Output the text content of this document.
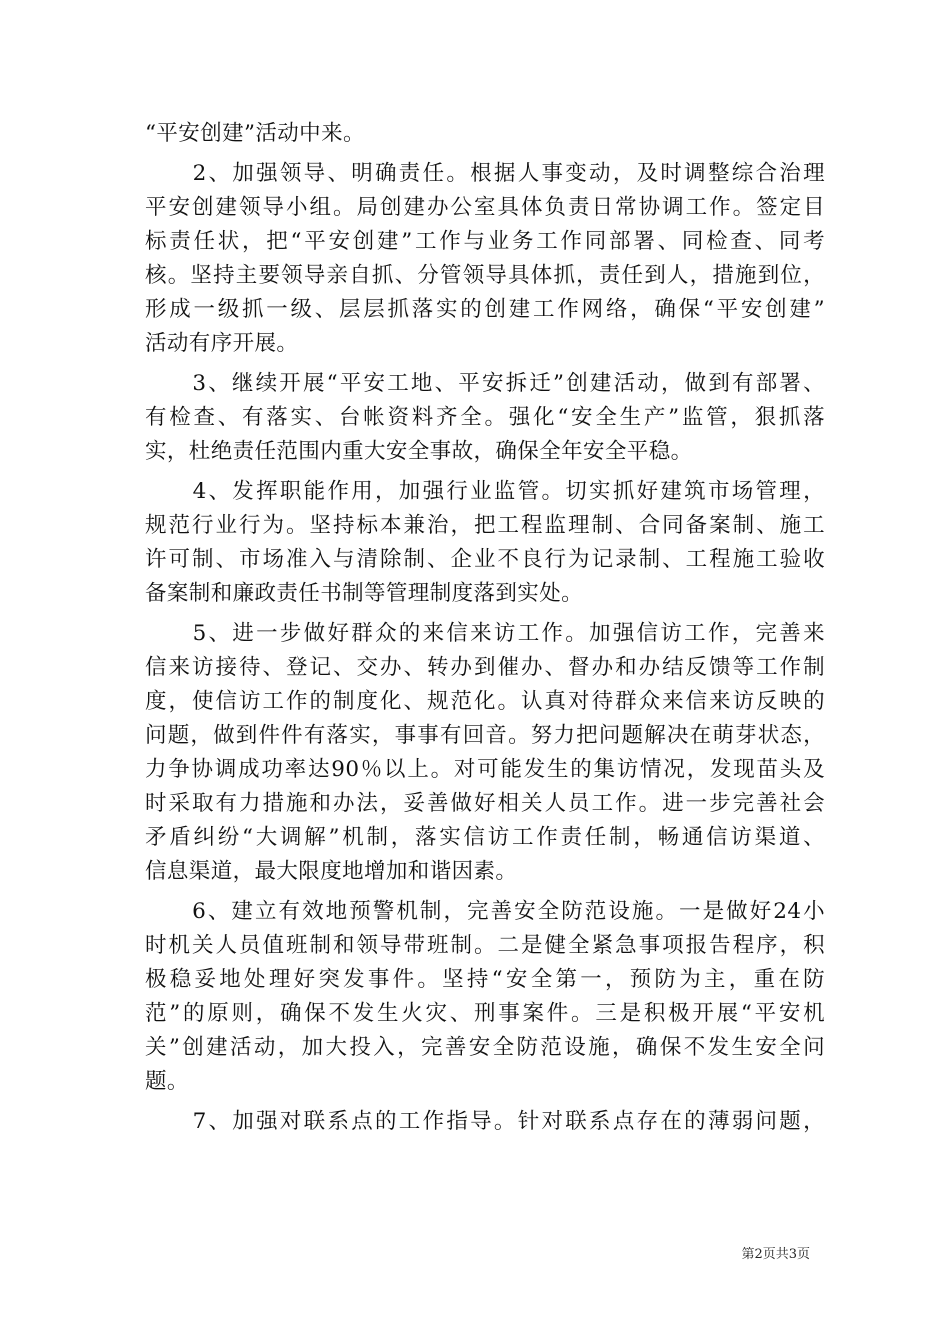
“平安创建”活动中来。
　　2、加强领导、明确责任。根据人事变动，及时调整综合治理
平安创建领导小组。局创建办公室具体负责日常协调工作。签定目
标责任状，把“平安创建”工作与业务工作同部署、同检查、同考
核。坚持主要领导亲自抓、分管领导具体抓，责任到人，措施到位，
形成一级抓一级、层层抓落实的创建工作网络，确保“平安创建”
活动有序开展。
　　3、继续开展“平安工地、平安拆迁”创建活动，做到有部署、
有检查、有落实、台帐资料齐全。强化“安全生产”监管，狠抓落
实，杜绝责任范围内重大安全事故，确保全年安全平稳。
　　4、发挥职能作用，加强行业监管。切实抓好建筑市场管理，
规范行业行为。坚持标本兼治，把工程监理制、合同备案制、施工
许可制、市场准入与清除制、企业不良行为记录制、工程施工验收
备案制和廉政责任书制等管理制度落到实处。
　　5、进一步做好群众的来信来访工作。加强信访工作，完善来
信来访接待、登记、交办、转办到催办、督办和办结反馈等工作制
度，使信访工作的制度化、规范化。认真对待群众来信来访反映的
问题，做到件件有落实，事事有回音。努力把问题解决在萌芽状态，
力争协调成功率达90％以上。对可能发生的集访情况，发现苗头及
时采取有力措施和办法，妥善做好相关人员工作。进一步完善社会
矛盾纠纷“大调解”机制，落实信访工作责任制，畅通信访渠道、
信息渠道，最大限度地增加和谐因素。
　　6、建立有效地预警机制，完善安全防范设施。一是做好24小
时机关人员值班制和领导带班制。二是健全紧急事项报告程序，积
极稳妥地处理好突发事件。坚持“安全第一，预防为主，重在防
范”的原则，确保不发生火灾、刑事案件。三是积极开展“平安机
关”创建活动，加大投入，完善安全防范设施，确保不发生安全问
题。
　　7、加强对联系点的工作指导。针对联系点存在的薄弱问题，
第2页共3页
